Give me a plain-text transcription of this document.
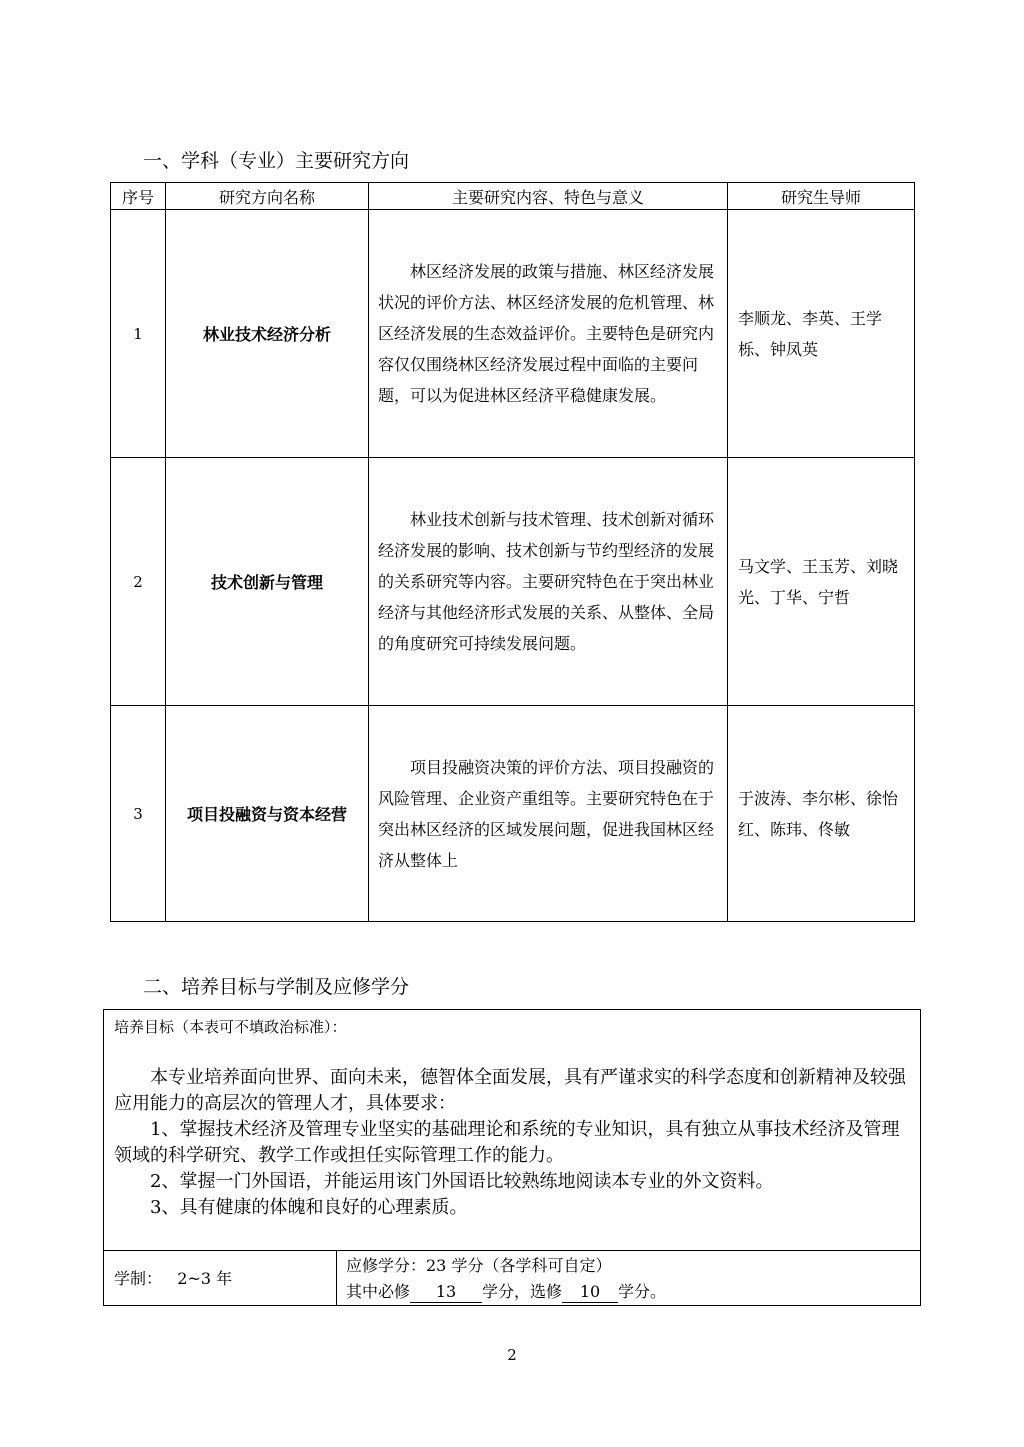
一、学科（专业）主要研究方向
序号	研究方向名称	主要研究内容、特色与意义	研究生导师
1	林业技术经济分析	林区经济发展的政策与措施、林区经济发展状况的评价方法、林区经济发展的危机管理、林区经济发展的生态效益评价。主要特色是研究内容仅仅围绕林区经济发展过程中面临的主要问题，可以为促进林区经济平稳健康发展。	李顺龙、李英、王学栎、钟凤英
2	技术创新与管理	林业技术创新与技术管理、技术创新对循环经济发展的影响、技术创新与节约型经济的发展的关系研究等内容。主要研究特色在于突出林业经济与其他经济形式发展的关系、从整体、全局的角度研究可持续发展问题。	马文学、王玉芳、刘晓光、丁华、宁哲
3	项目投融资与资本经营	项目投融资决策的评价方法、项目投融资的风险管理、企业资产重组等。主要研究特色在于突出林区经济的区域发展问题，促进我国林区经济从整体上	于波涛、李尔彬、徐怡红、陈玮、佟敏
二、培养目标与学制及应修学分
培养目标（本表可不填政治标准）：

本专业培养面向世界、面向未来，德智体全面发展，具有严谨求实的科学态度和创新精神及较强应用能力的高层次的管理人才，具体要求：

1、掌握技术经济及管理专业坚实的基础理论和系统的专业知识，具有独立从事技术经济及管理领域的科学研究、教学工作或担任实际管理工作的能力。

2、掌握一门外国语，并能运用该门外国语比较熟练地阅读本专业的外文资料。

3、具有健康的体魄和良好的心理素质。

学制： 2~3 年
应修学分：23 学分（各学科可自定）
其中必修 13 学分，选修 10 学分。
2
